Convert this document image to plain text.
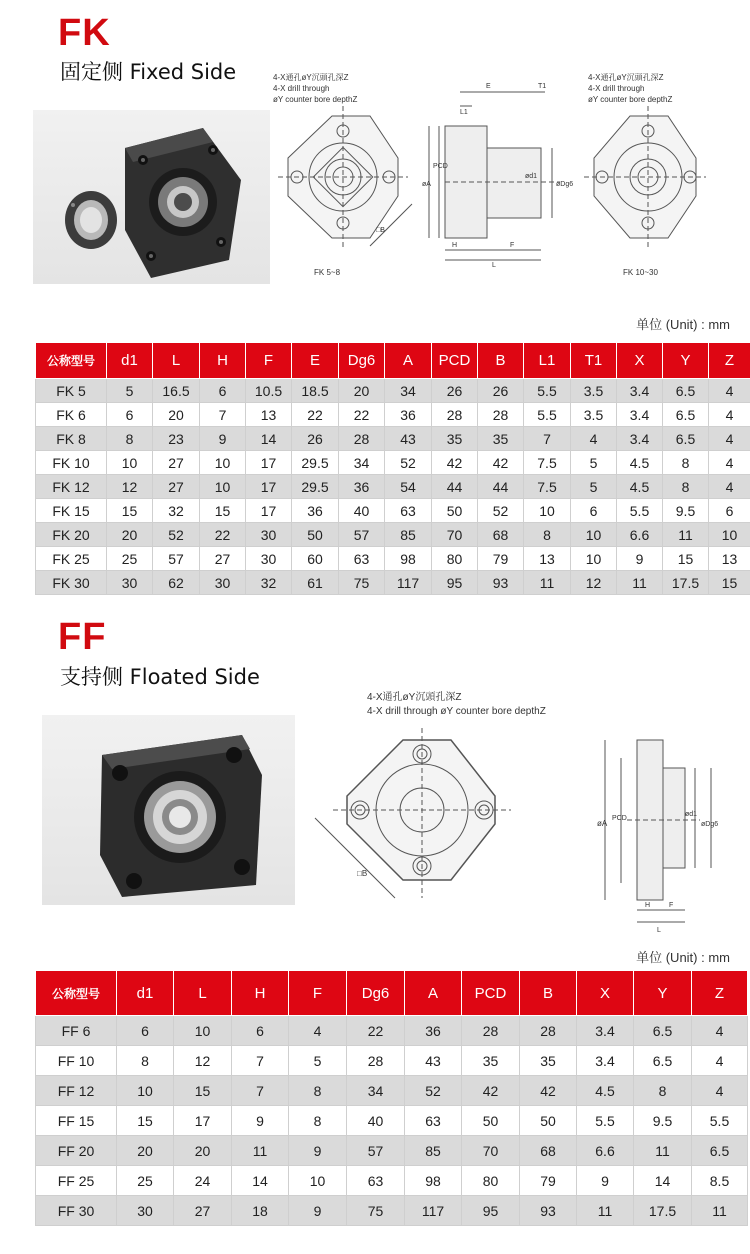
FK
固定侧 Fixed Side	4-X通孔øY沉頭孔深Z
4-X drill through
øY counter bore depthZ
4-X通孔øY沉頭孔深Z
4-X drill through
øY counter bore depthZ
FK 5~8	FK 10~30
E	T1
L1
øA
PCD
ød1
øDg6
H	F
L
□B
单位 (Unit) : mm
公称型号	d1	L	H	F	E	Dg6	A	PCD	B	L1	T1	X	Y	Z
FK 5	5	16.5	6	10.5	18.5	20	34	26	26	5.5	3.5	3.4	6.5	4
FK 6	6	20	7	13	22	22	36	28	28	5.5	3.5	3.4	6.5	4
FK 8	8	23	9	14	26	28	43	35	35	7	4	3.4	6.5	4
FK 10	10	27	10	17	29.5	34	52	42	42	7.5	5	4.5	8	4
FK 12	12	27	10	17	29.5	36	54	44	44	7.5	5	4.5	8	4
FK 15	15	32	15	17	36	40	63	50	52	10	6	5.5	9.5	6
FK 20	20	52	22	30	50	57	85	70	68	8	10	6.6	11	10
FK 25	25	57	27	30	60	63	98	80	79	13	10	9	15	13
FK 30	30	62	30	32	61	75	117	95	93	11	12	11	17.5	15
FF
支持侧 Floated Side
4-X通孔øY沉頭孔深Z
4-X drill through øY counter bore depthZ
□B
øA
PCD
ød1
øDg6
H	F
L
单位 (Unit) : mm
公称型号	d1	L	H	F	Dg6	A	PCD	B	X	Y	Z
FF 6	6	10	6	4	22	36	28	28	3.4	6.5	4
FF 10	8	12	7	5	28	43	35	35	3.4	6.5	4
FF 12	10	15	7	8	34	52	42	42	4.5	8	4
FF 15	15	17	9	8	40	63	50	50	5.5	9.5	5.5
FF 20	20	20	11	9	57	85	70	68	6.6	11	6.5
FF 25	25	24	14	10	63	98	80	79	9	14	8.5
FF 30	30	27	18	9	75	117	95	93	11	17.5	11
